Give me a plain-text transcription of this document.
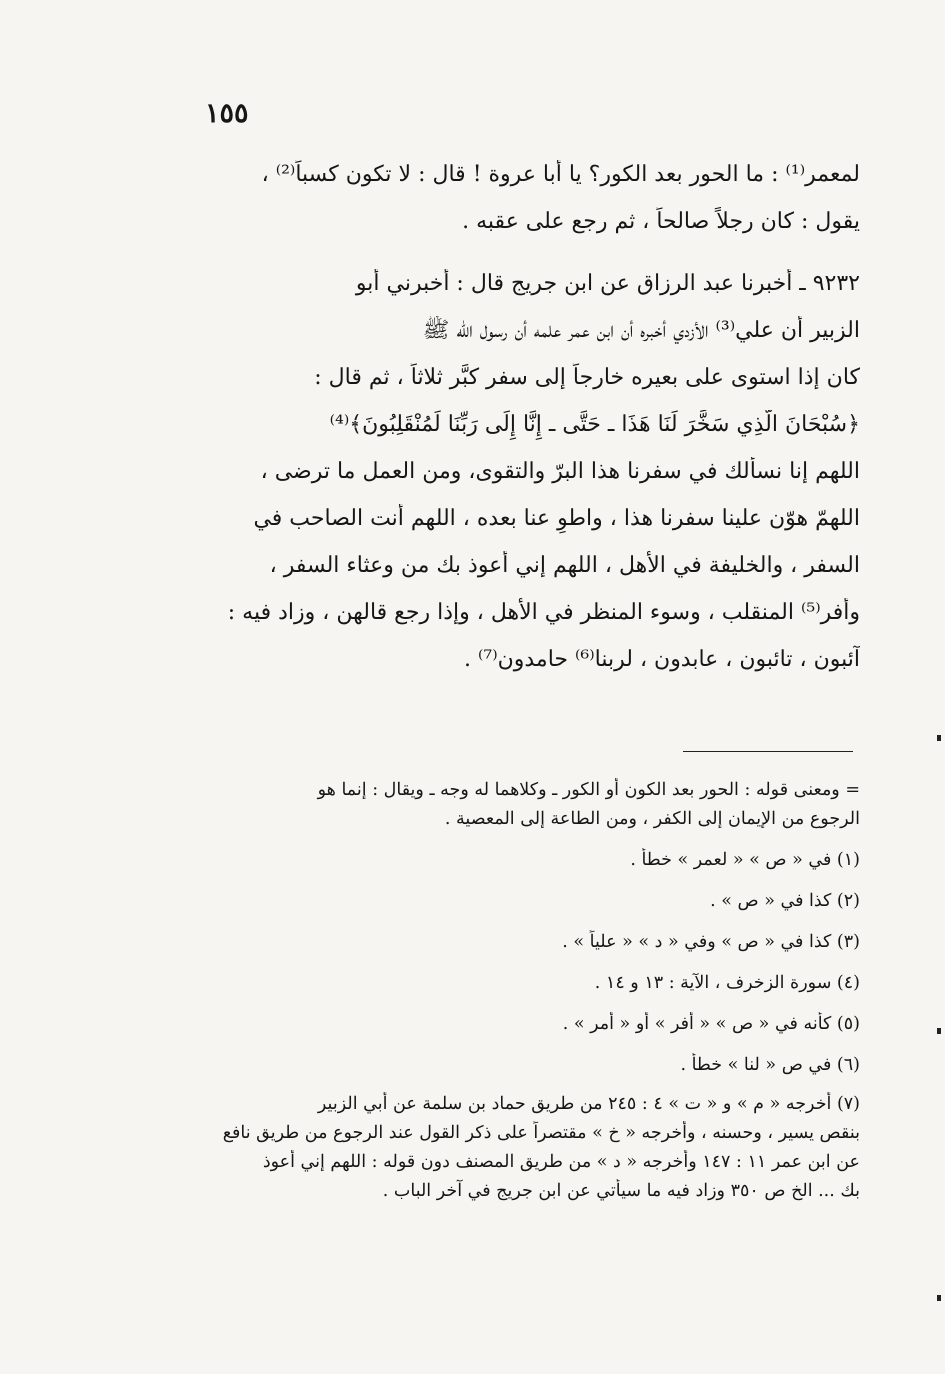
١٥٥
لمعمر⁽¹⁾ : ما الحور بعد الكور؟ يا أبا عروة ! قال : لا تكون كسباً⁽²⁾ ،
يقول : كان رجلاً صالحاً ، ثم رجع على عقبه .
٩٢٣٢ ـ أخبرنا عبد الرزاق عن ابن جريج قال : أخبرني أبو
الزبير أن علي⁽³⁾ الأزدي أخبره أن ابن عمر علمه أن رسول الله ﷺ
كان إذا استوى على بعيره خارجاً إلى سفر كبَّر ثلاثاً ، ثم قال :
﴿سُبْحَانَ الَّذِي سَخَّرَ لَنَا هَذَا ـ حَتَّى ـ إِنَّا إِلَى رَبِّنَا لَمُنْقَلِبُونَ﴾⁽⁴⁾
اللهم إنا نسألك في سفرنا هذا البرّ والتقوى، ومن العمل ما ترضى ،
اللهمّ هوّن علينا سفرنا هذا ، واطوِ عنا بعده ، اللهم أنت الصاحب في
السفر ، والخليفة في الأهل ، اللهم إني أعوذ بك من وعثاء السفر ،
وأفر⁽⁵⁾ المنقلب ، وسوء المنظر في الأهل ، وإذا رجع قالهن ، وزاد فيه :
آئبون ، تائبون ، عابدون ، لربنا⁽⁶⁾ حامدون⁽⁷⁾ .
= ومعنى قوله : الحور بعد الكون أو الكور ـ وكلاهما له وجه ـ ويقال : إنما هو
الرجوع من الإيمان إلى الكفر ، ومن الطاعة إلى المعصية .
(١) في « ص » « لعمر » خطأ .
(٢) كذا في « ص » .
(٣) كذا في « ص » وفي « د » « علياً » .
(٤) سورة الزخرف ، الآية : ١٣ و ١٤ .
(٥) كأنه في « ص » « أفر » أو « أمر » .
(٦) في ص « لنا » خطأ .
(٧) أخرجه « م » و « ت » ٤ : ٢٤٥ من طريق حماد بن سلمة عن أبي الزبير
بنقص يسير ، وحسنه ، وأخرجه « خ » مقتصراً على ذكر القول عند الرجوع من طريق نافع
عن ابن عمر ١١ : ١٤٧ وأخرجه « د » من طريق المصنف دون قوله : اللهم إني أعوذ
بك ... الخ ص ٣٥٠ وزاد فيه ما سيأتي عن ابن جريج في آخر الباب .
